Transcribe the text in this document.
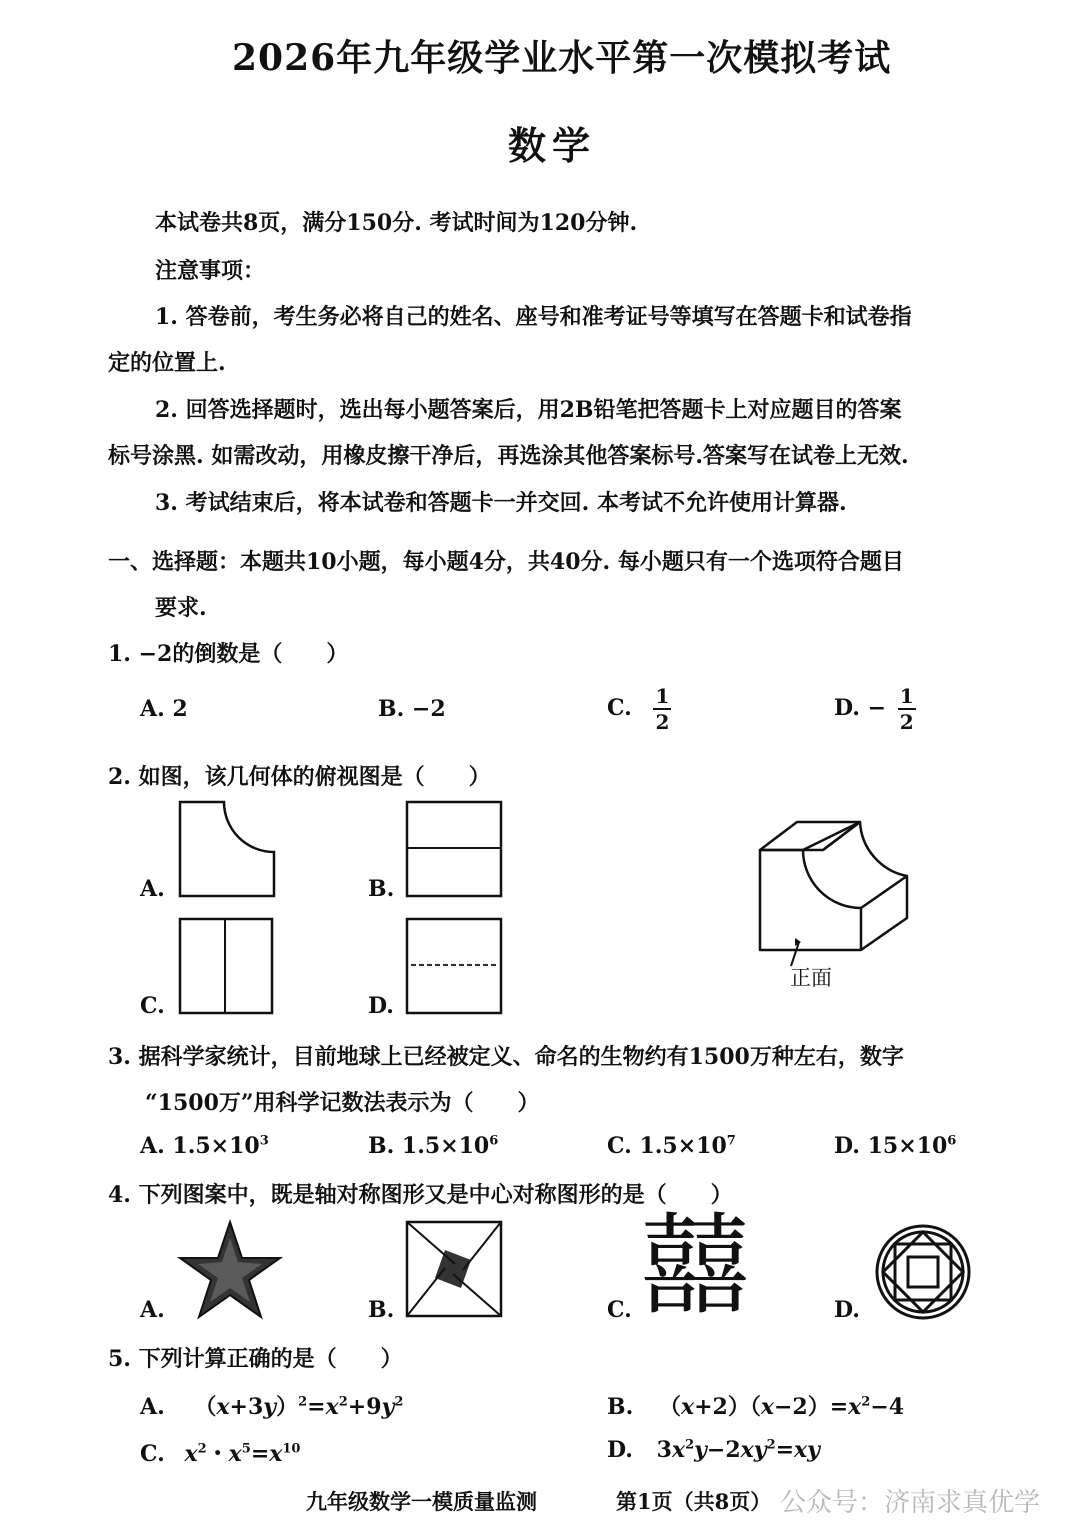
2026年九年级学业水平第一次模拟考试
数学
本试卷共8页，满分150分. 考试时间为120分钟.
注意事项：
1. 答卷前，考生务必将自己的姓名、座号和准考证号等填写在答题卡和试卷指
定的位置上.
2. 回答选择题时，选出每小题答案后，用2B铅笔把答题卡上对应题目的答案
标号涂黑. 如需改动，用橡皮擦干净后，再选涂其他答案标号.答案写在试卷上无效.
3. 考试结束后，将本试卷和答题卡一并交回. 本考试不允许使用计算器.
一、选择题：本题共10小题，每小题4分，共40分. 每小题只有一个选项符合题目
要求.
1. −2的倒数是（　　）
A. 2	B. −2	C. $\frac{1}{2}$	D. − $\frac{1}{2}$
2. 如图，该几何体的俯视图是（　　）
A.	B.
C.	D.
正面
3. 据科学家统计，目前地球上已经被定义、命名的生物约有1500万种左右，数字
“1500万”用科学记数法表示为（　　）
A. $1.5\times 10^3$	B. $1.5\times 10^6$	C. $1.5\times 10^7$	D. $15\times 10^6$
4. 下列图案中，既是轴对称图形又是中心对称图形的是（　　）
A.	B.	C. 囍	D.
5. 下列计算正确的是（　　）
A. $(x+3y)^2=x^2+9y^2$	B. $(x+2)(x-2)=x^2-4$
C. $x^2$・$x^5=x^{10}$	D. $3x^2y-2xy^2=xy$
九年级数学一模质量监测	第1页（共8页） 公众号：济南求真优学
